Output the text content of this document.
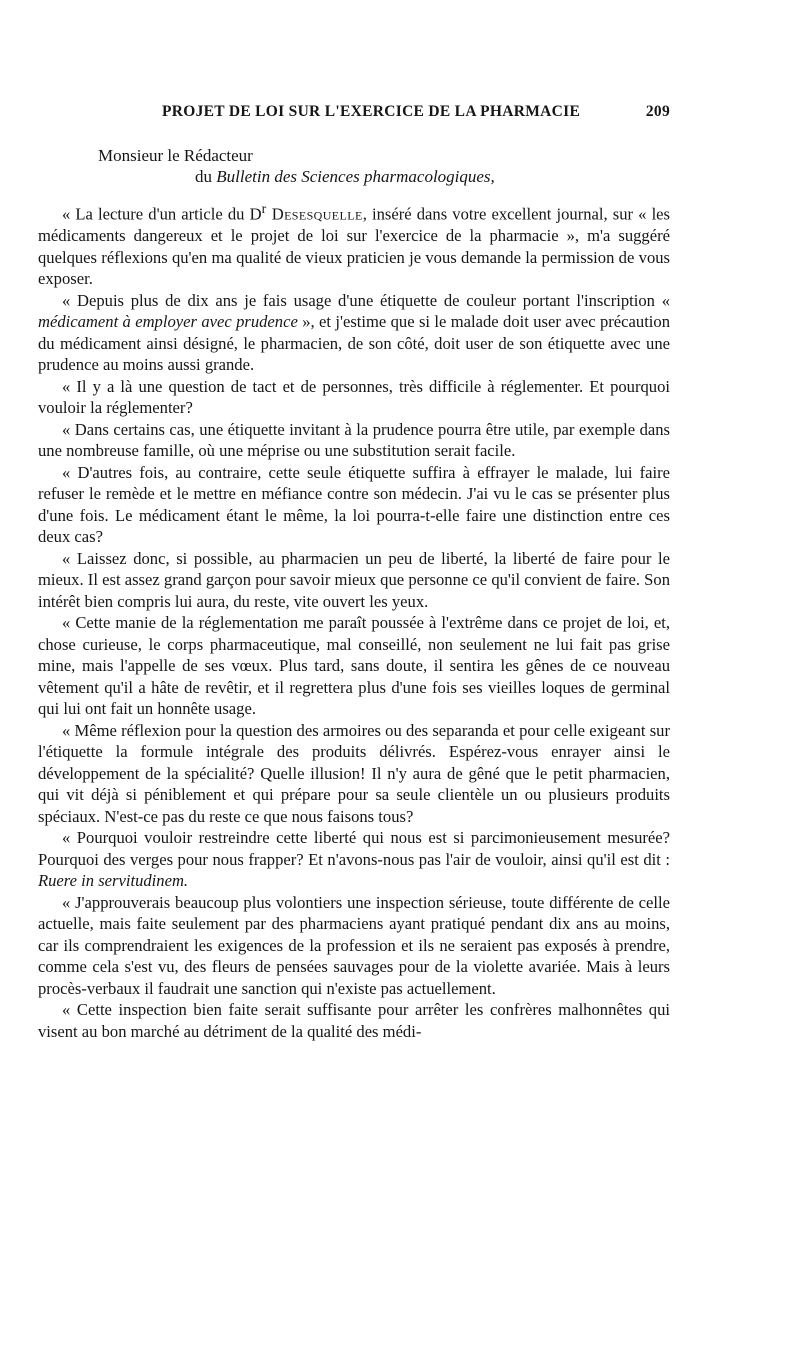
PROJET DE LOI SUR L'EXERCICE DE LA PHARMACIE	209
Monsieur le Rédacteur
du Bulletin des Sciences pharmacologiques,

« La lecture d'un article du $D^r$ Desesquelle, inséré dans votre excellent journal, sur « les médicaments dangereux et le projet de loi sur l'exercice de la pharmacie », m'a suggéré quelques réflexions qu'en ma qualité de vieux praticien je vous demande la permission de vous exposer.

« Depuis plus de dix ans je fais usage d'une étiquette de couleur portant l'inscription « médicament à employer avec prudence », et j'estime que si le malade doit user avec précaution du médicament ainsi désigné, le pharmacien, de son côté, doit user de son étiquette avec une prudence au moins aussi grande.

« Il y a là une question de tact et de personnes, très difficile à réglementer. Et pourquoi vouloir la réglementer?

« Dans certains cas, une étiquette invitant à la prudence pourra être utile, par exemple dans une nombreuse famille, où une méprise ou une substitution serait facile.

« D'autres fois, au contraire, cette seule étiquette suffira à effrayer le malade, lui faire refuser le remède et le mettre en méfiance contre son médecin. J'ai vu le cas se présenter plus d'une fois. Le médicament étant le même, la loi pourra-t-elle faire une distinction entre ces deux cas?

« Laissez donc, si possible, au pharmacien un peu de liberté, la liberté de faire pour le mieux. Il est assez grand garçon pour savoir mieux que personne ce qu'il convient de faire. Son intérêt bien compris lui aura, du reste, vite ouvert les yeux.

« Cette manie de la réglementation me paraît poussée à l'extrême dans ce projet de loi, et, chose curieuse, le corps pharmaceutique, mal conseillé, non seulement ne lui fait pas grise mine, mais l'appelle de ses vœux. Plus tard, sans doute, il sentira les gênes de ce nouveau vêtement qu'il a hâte de revêtir, et il regrettera plus d'une fois ses vieilles loques de germinal qui lui ont fait un honnête usage.

« Même réflexion pour la question des armoires ou des separanda et pour celle exigeant sur l'étiquette la formule intégrale des produits délivrés. Espérez-vous enrayer ainsi le développement de la spécialité? Quelle illusion! Il n'y aura de gêné que le petit pharmacien, qui vit déjà si péniblement et qui prépare pour sa seule clientèle un ou plusieurs produits spéciaux. N'est-ce pas du reste ce que nous faisons tous?

« Pourquoi vouloir restreindre cette liberté qui nous est si parcimonieusement mesurée? Pourquoi des verges pour nous frapper? Et n'avons-nous pas l'air de vouloir, ainsi qu'il est dit : Ruere in servitudinem.

« J'approuverais beaucoup plus volontiers une inspection sérieuse, toute différente de celle actuelle, mais faite seulement par des pharmaciens ayant pratiqué pendant dix ans au moins, car ils comprendraient les exigences de la profession et ils ne seraient pas exposés à prendre, comme cela s'est vu, des fleurs de pensées sauvages pour de la violette avariée. Mais à leurs procès-verbaux il faudrait une sanction qui n'existe pas actuellement.

« Cette inspection bien faite serait suffisante pour arrêter les confrères malhonnêtes qui visent au bon marché au détriment de la qualité des médi-
